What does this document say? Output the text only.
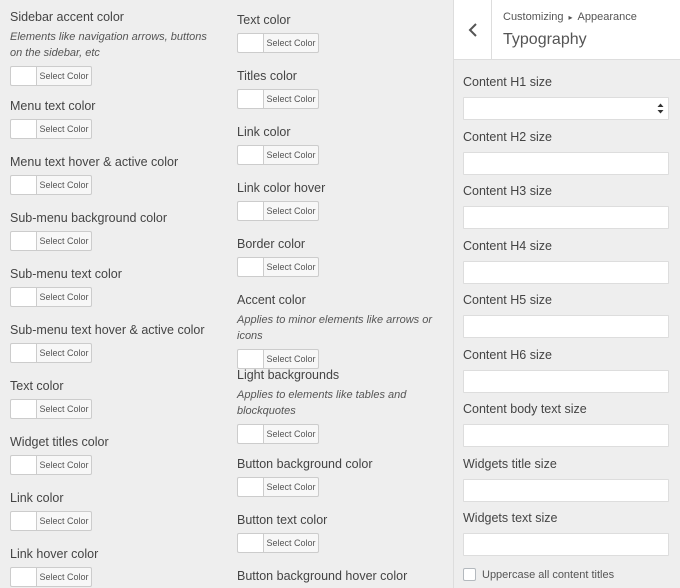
Sidebar accent color
Elements like navigation arrows, buttons on the sidebar, etc
Select Color
Menu text color
Select Color
Menu text hover & active color
Select Color
Sub-menu background color
Select Color
Sub-menu text color
Select Color
Sub-menu text hover & active color
Select Color
Text color
Select Color
Widget titles color
Select Color
Link color
Select Color
Link hover color
Select Color
Text color
Select Color
Titles color
Select Color
Link color
Select Color
Link color hover
Select Color
Border color
Select Color
Accent color
Applies to minor elements like arrows or icons
Select Color
Light backgrounds
Applies to elements like tables and blockquotes
Select Color
Button background color
Select Color
Button text color
Select Color
Button background hover color
Customizing ▸ Appearance
Typography
Content H1 size
Content H2 size
Content H3 size
Content H4 size
Content H5 size
Content H6 size
Content body text size
Widgets title size
Widgets text size
Uppercase all content titles
